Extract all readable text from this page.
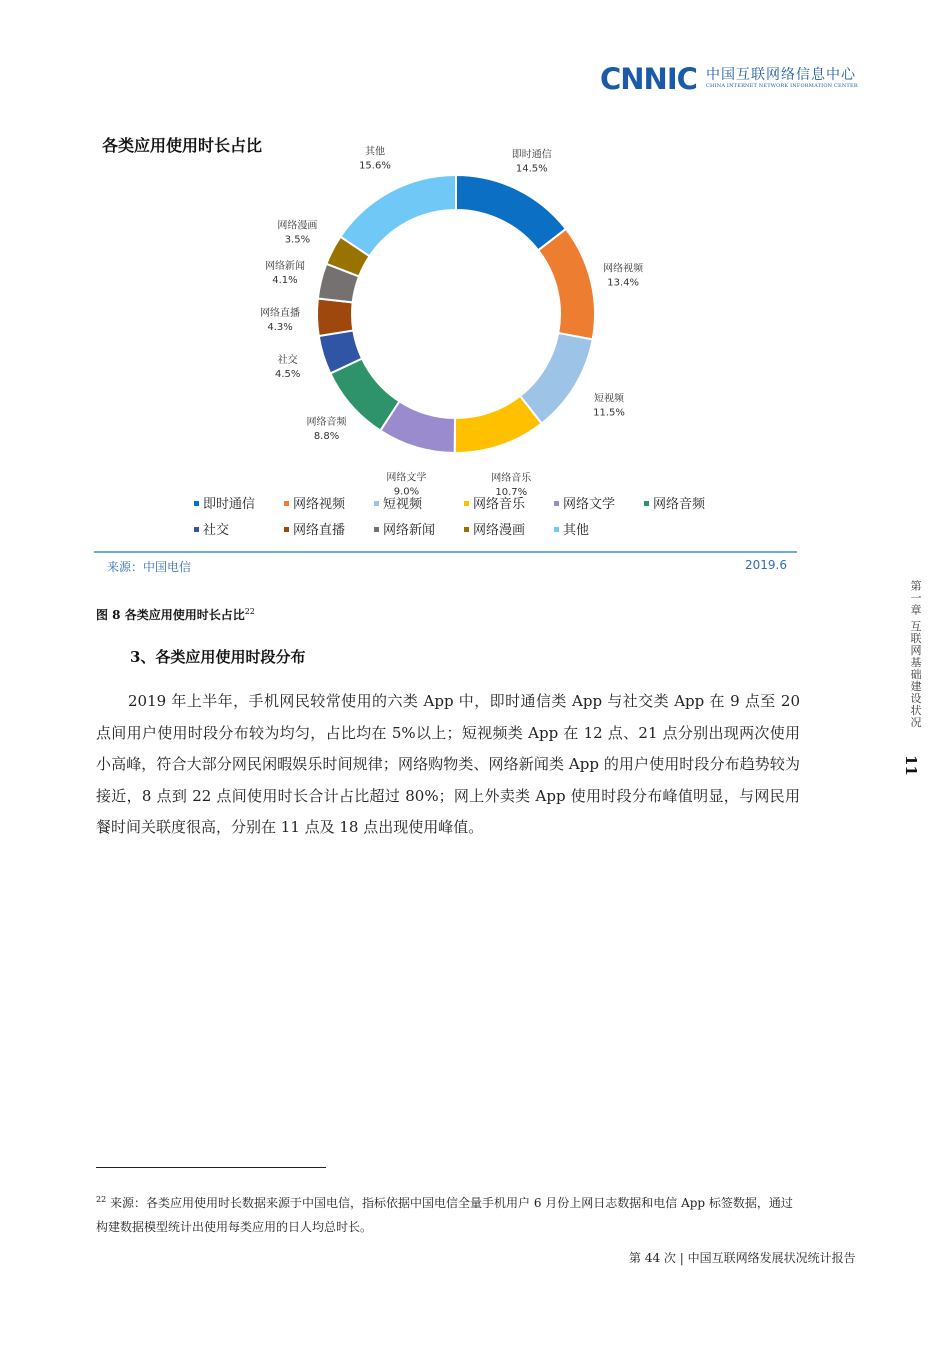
CNNIC 中国互联网络信息中心
CHINA INTERNET NETWORK INFORMATION CENTER
各类应用使用时长占比
即时通信
14.5%
网络视频
13.4%
短视频
11.5%
网络音乐
10.7%
网络文学
9.0%
网络音频
8.8%
社交
4.5%
网络直播
4.3%
网络新闻
4.1%
网络漫画
3.5%
其他
15.6%
即时通信	网络视频	短视频	网络音乐	网络文学	网络音频
社交	网络直播	网络新闻	网络漫画	其他
来源：中国电信	2019.6
图 8 各类应用使用时长占比$^{22}$
3、各类应用使用时段分布
2019 年上半年，手机网民较常使用的六类 App 中，即时通信类 App 与社交类 App 在 9 点至 20 点间用户使用时段分布较为均匀，占比均在 5%以上；短视频类 App 在 12 点、21 点分别出现两次使用小高峰，符合大部分网民闲暇娱乐时间规律；网络购物类、网络新闻类 App 的用户使用时段分布趋势较为接近，8 点到 22 点间使用时长合计占比超过 80%；网上外卖类 App 使用时段分布峰值明显，与网民用餐时间关联度很高，分别在 11 点及 18 点出现使用峰值。
第一章 互联网基础建设状况
11
$^{22}$ 来源：各类应用使用时长数据来源于中国电信，指标依据中国电信全量手机用户 6 月份上网日志数据和电信 App 标签数据，通过构建数据模型统计出使用每类应用的日人均总时长。
第 44 次 | 中国互联网络发展状况统计报告
